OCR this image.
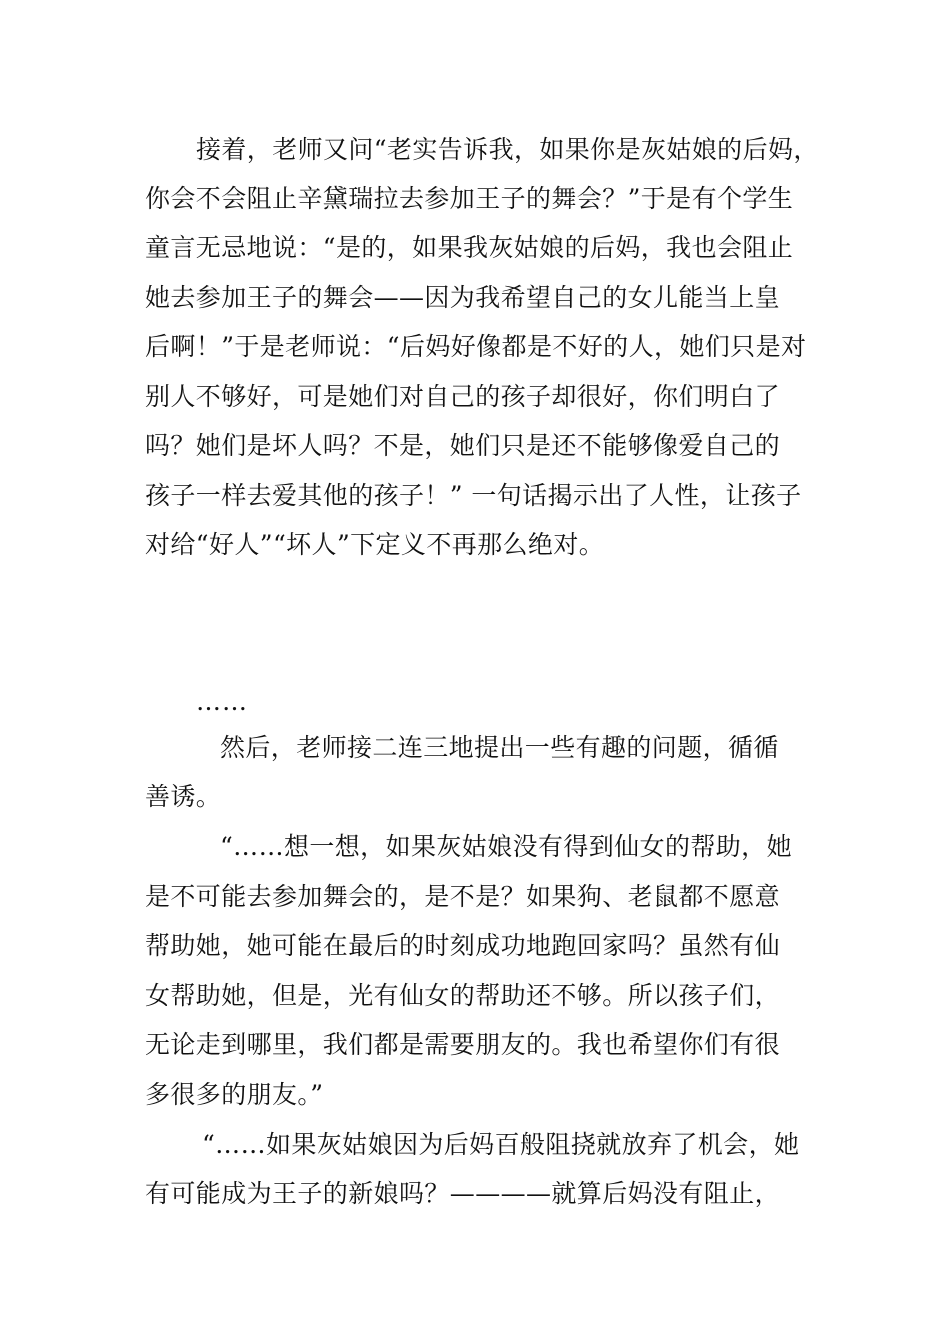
接着，老师又问“老实告诉我，如果你是灰姑娘的后妈，
你会不会阻止辛黛瑞拉去参加王子的舞会？”于是有个学生
童言无忌地说：“是的，如果我灰姑娘的后妈，我也会阻止
她去参加王子的舞会——因为我希望自己的女儿能当上皇
后啊！”于是老师说：“后妈好像都是不好的人，她们只是对
别人不够好，可是她们对自己的孩子却很好，你们明白了
吗？她们是坏人吗？不是，她们只是还不能够像爱自己的
孩子一样去爱其他的孩子！” 一句话揭示出了人性，让孩子
对给“好人”“坏人”下定义不再那么绝对。
……
然后，老师接二连三地提出一些有趣的问题，循循
善诱。
“……想一想，如果灰姑娘没有得到仙女的帮助，她
是不可能去参加舞会的，是不是？如果狗、老鼠都不愿意
帮助她，她可能在最后的时刻成功地跑回家吗？虽然有仙
女帮助她，但是，光有仙女的帮助还不够。所以孩子们，
无论走到哪里，我们都是需要朋友的。我也希望你们有很
多很多的朋友。”
“……如果灰姑娘因为后妈百般阻挠就放弃了机会，她
有可能成为王子的新娘吗？————就算后妈没有阻止，
